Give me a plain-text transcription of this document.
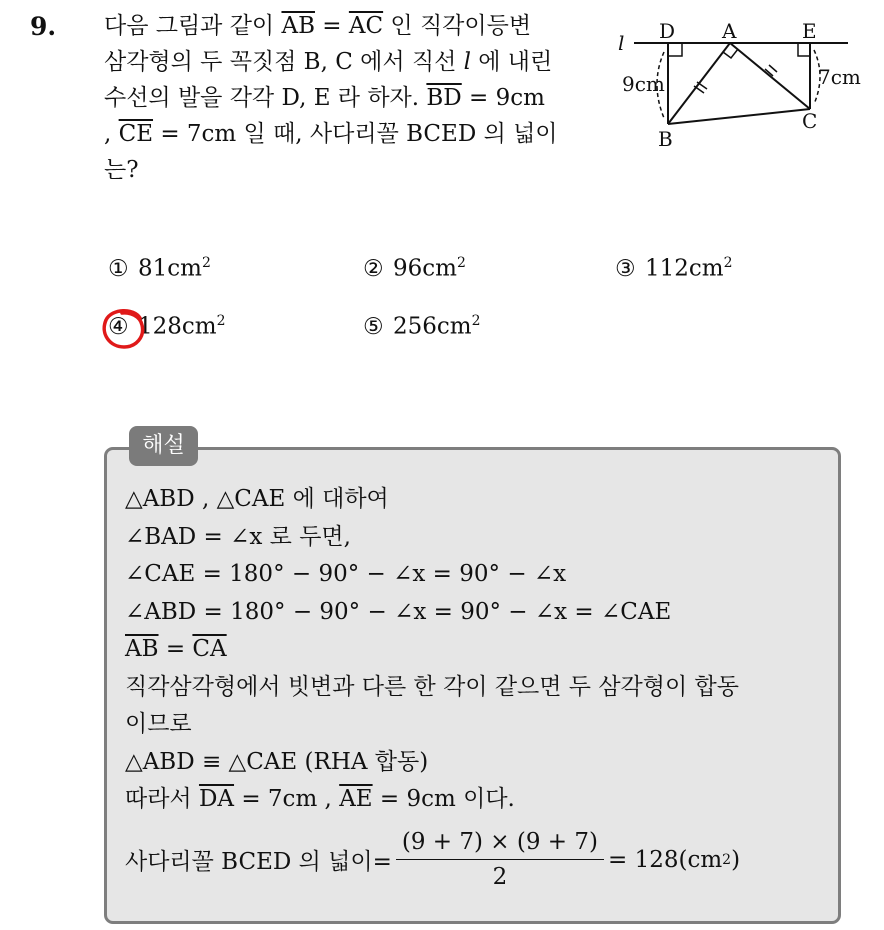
9. 다음 그림과 같이 $\overline{AB} = \overline{AC}$ 인 직각이등변
삼각형의 두 꼭짓점 B, C 에서 직선 l 에 내린
수선의 발을 각각 D, E 라 하자. $\overline{BD} = 9cm$
, $\overline{CE} = 7cm$ 일 때, 사다리꼴 BCED 의 넓이
는?
l D A	E
B
C
9cm	7cm
① $81cm^2$	② $96cm^2$	③ $112cm^2$
④ $128cm^2$	⑤ $256cm^2$
해설
△ABD , △CAE 에 대하여
∠BAD = ∠x 로 두면,
∠CAE = 180° − 90° − ∠x = 90° − ∠x
∠ABD = 180° − 90° − ∠x = 90° − ∠x = ∠CAE
$\overline{AB} = \overline{CA}$
직각삼각형에서 빗변과 다른 한 각이 같으면 두 삼각형이 합동
이므로
△ABD ≡ △CAE (RHA 합동)
따라서 $\overline{DA} = 7cm$ , $\overline{AE} = 9cm$ 이다.
사다리꼴 BCED 의 넓이= $\frac{(9 + 7) \times (9 + 7)}{2} = 128(cm$ 2 )
